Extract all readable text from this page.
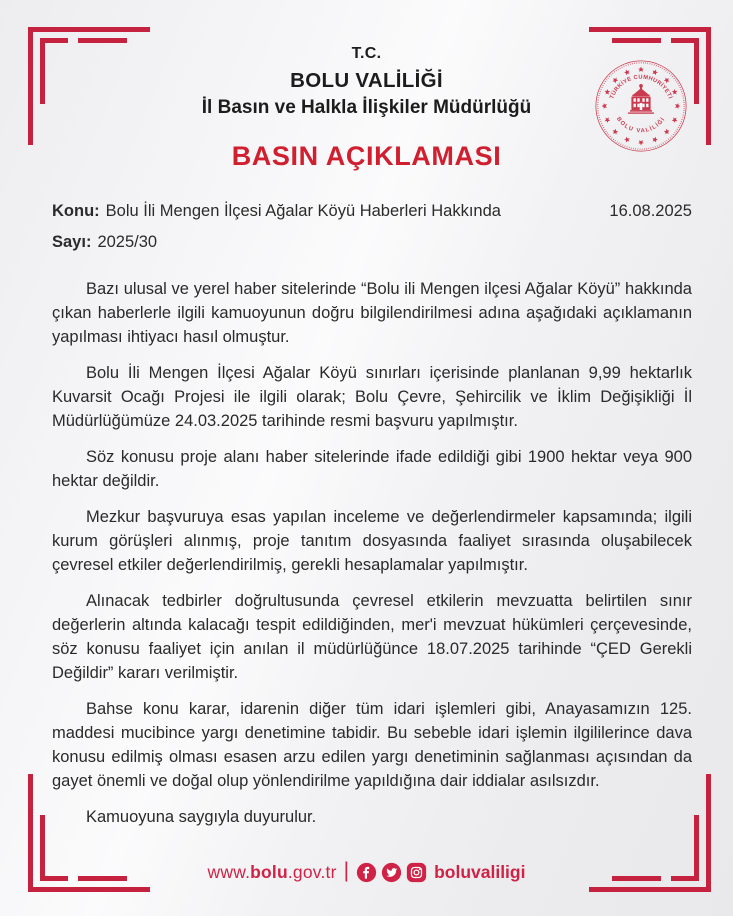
T.C.
BOLU VALİLİĞİ
İl Basın ve Halkla İlişkiler Müdürlüğü	TÜRKİYE CUMHURİYETİ
BOLU VALİLİĞİ
BASIN AÇIKLAMASI
Konu: Bolu İli Mengen İlçesi Ağalar Köyü Haberleri Hakkında	16.08.2025
Sayı: 2025/30

Bazı ulusal ve yerel haber sitelerinde “Bolu ili Mengen ilçesi Ağalar Köyü” hakkında çıkan haberlerle ilgili kamuoyunun doğru bilgilendirilmesi adına aşağıdaki açıklamanın yapılması ihtiyacı hasıl olmuştur.

Bolu İli Mengen İlçesi Ağalar Köyü sınırları içerisinde planlanan 9,99 hektarlık Kuvarsit Ocağı Projesi ile ilgili olarak; Bolu Çevre, Şehircilik ve İklim Değişikliği İl Müdürlüğümüze 24.03.2025 tarihinde resmi başvuru yapılmıştır.

Söz konusu proje alanı haber sitelerinde ifade edildiği gibi 1900 hektar veya 900 hektar değildir.

Mezkur başvuruya esas yapılan inceleme ve değerlendirmeler kapsamında; ilgili kurum görüşleri alınmış, proje tanıtım dosyasında faaliyet sırasında oluşabilecek çevresel etkiler değerlendirilmiş, gerekli hesaplamalar yapılmıştır.

Alınacak tedbirler doğrultusunda çevresel etkilerin mevzuatta belirtilen sınır değerlerin altında kalacağı tespit edildiğinden, mer'i mevzuat hükümleri çerçevesinde, söz konusu faaliyet için anılan il müdürlüğünce 18.07.2025 tarihinde “ÇED Gerekli Değildir” kararı verilmiştir.

Bahse konu karar, idarenin diğer tüm idari işlemleri gibi, Anayasamızın 125. maddesi mucibince yargı denetimine tabidir. Bu sebeble idari işlemin ilgililerince dava konusu edilmiş olması esasen arzu edilen yargı denetiminin sağlanması açısından da gayet önemli ve doğal olup yönlendirilme yapıldığına dair iddialar asılsızdır.

Kamuoyuna saygıyla duyurulur.

www.bolu.gov.tr |	boluvaliligi
